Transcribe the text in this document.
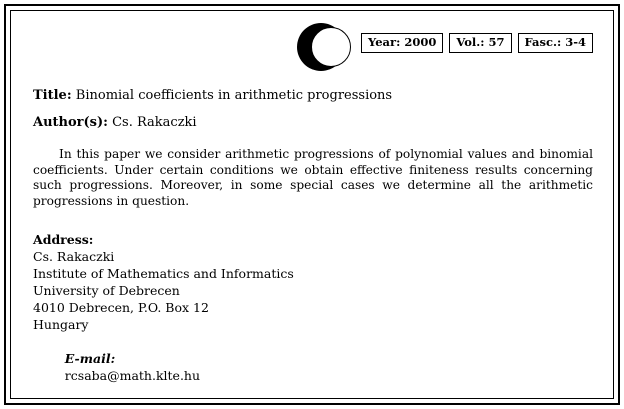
Year: 2000	Vol.: 57	Fasc.: 3-4

Title: Binomial coefficients in arithmetic progressions

Author(s): Cs. Rakaczki

In this paper we consider arithmetic progressions of polynomial values and binomial coefficients. Under certain conditions we obtain effective finiteness results concerning such progressions. Moreover, in some special cases we determine all the arithmetic progressions in question.

Address:
Cs. Rakaczki
Institute of Mathematics and Informatics
University of Debrecen
4010 Debrecen, P.O. Box 12
Hungary

E-mail:
rcsaba@math.klte.hu
